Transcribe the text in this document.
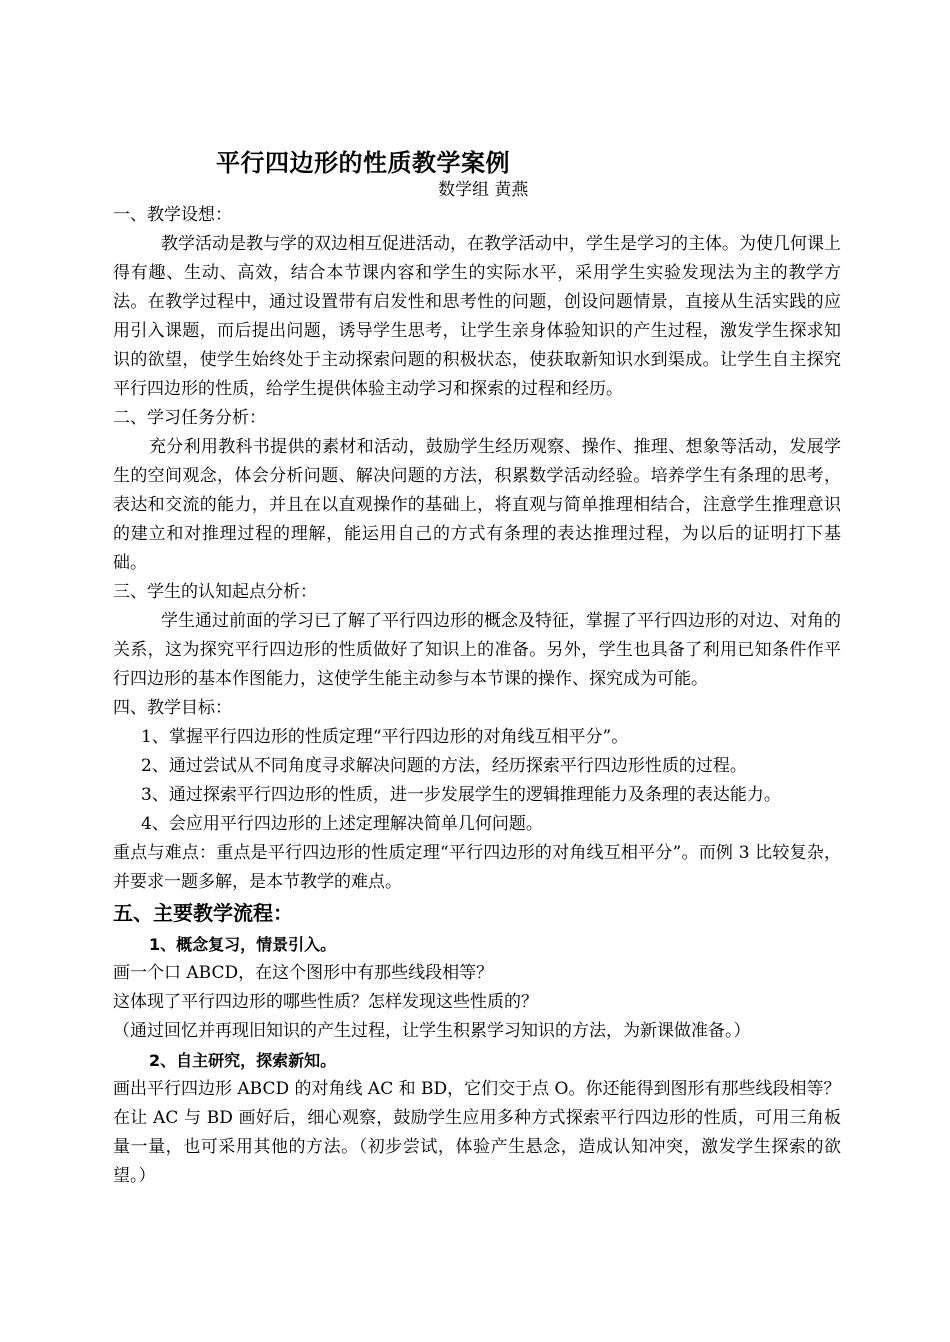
平行四边形的性质教学案例
数学组 黄燕

一、教学设想：

教学活动是教与学的双边相互促进活动，在教学活动中，学生是学习的主体。为使几何课上得有趣、生动、高效，结合本节课内容和学生的实际水平，采用学生实验发现法为主的教学方法。在教学过程中，通过设置带有启发性和思考性的问题，创设问题情景，直接从生活实践的应用引入课题，而后提出问题，诱导学生思考，让学生亲身体验知识的产生过程，激发学生探求知识的欲望，使学生始终处于主动探索问题的积极状态，使获取新知识水到渠成。让学生自主探究平行四边形的性质，给学生提供体验主动学习和探索的过程和经历。

二、学习任务分析：

充分利用教科书提供的素材和活动，鼓励学生经历观察、操作、推理、想象等活动，发展学生的空间观念，体会分析问题、解决问题的方法，积累数学活动经验。培养学生有条理的思考，表达和交流的能力，并且在以直观操作的基础上，将直观与简单推理相结合，注意学生推理意识的建立和对推理过程的理解，能运用自己的方式有条理的表达推理过程，为以后的证明打下基础。

三、学生的认知起点分析：

学生通过前面的学习已了解了平行四边形的概念及特征，掌握了平行四边形的对边、对角的关系，这为探究平行四边形的性质做好了知识上的准备。另外，学生也具备了利用已知条件作平行四边形的基本作图能力，这使学生能主动参与本节课的操作、探究成为可能。

四、教学目标：

1、掌握平行四边形的性质定理“平行四边形的对角线互相平分”。

2、通过尝试从不同角度寻求解决问题的方法，经历探索平行四边形性质的过程。

3、通过探索平行四边形的性质，进一步发展学生的逻辑推理能力及条理的表达能力。

4、会应用平行四边形的上述定理解决简单几何问题。

重点与难点：重点是平行四边形的性质定理“平行四边形的对角线互相平分”。而例 3 比较复杂，并要求一题多解，是本节教学的难点。

五、主要教学流程：

1、概念复习，情景引入。

画一个口 ABCD，在这个图形中有那些线段相等？

这体现了平行四边形的哪些性质？怎样发现这些性质的？

（通过回忆并再现旧知识的产生过程，让学生积累学习知识的方法，为新课做准备。）

2、自主研究，探索新知。

画出平行四边形 ABCD 的对角线 AC 和 BD，它们交于点 O。你还能得到图形有那些线段相等？

在让 AC 与 BD 画好后，细心观察，鼓励学生应用多种方式探索平行四边形的性质，可用三角板量一量，也可采用其他的方法。（初步尝试，体验产生悬念，造成认知冲突，激发学生探索的欲望。）
